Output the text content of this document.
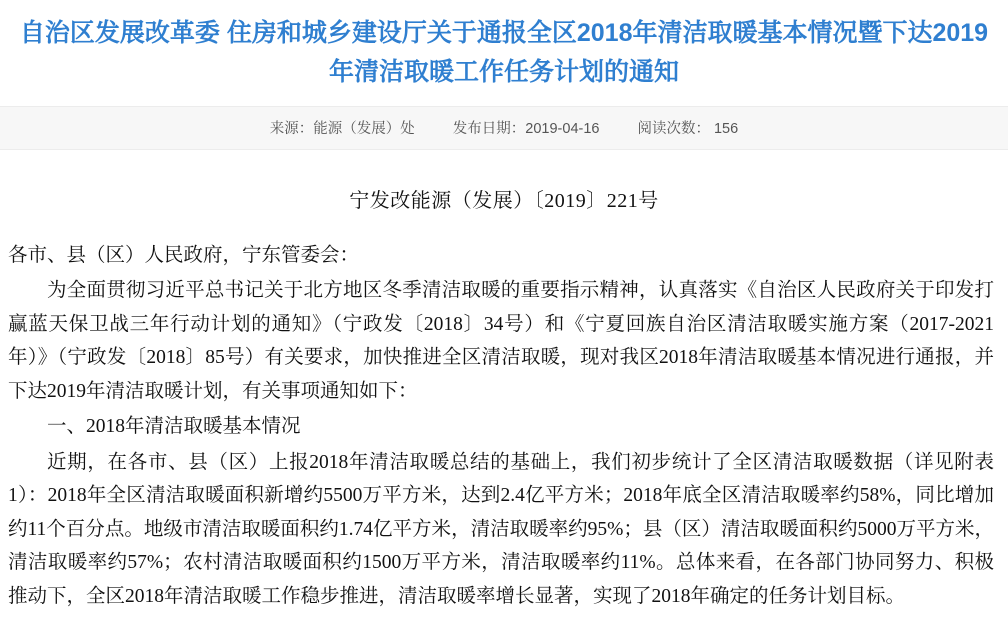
自治区发展改革委 住房和城乡建设厅关于通报全区2018年清洁取暖基本情况暨下达2019年清洁取暖工作任务计划的通知
来源：能源（发展）处	发布日期：2019-04-16	阅读次数： 156
宁发改能源（发展）〔2019〕221号

各市、县（区）人民政府，宁东管委会：

为全面贯彻习近平总书记关于北方地区冬季清洁取暖的重要指示精神，认真落实《自治区人民政府关于印发打赢蓝天保卫战三年行动计划的通知》（宁政发〔2018〕34号）和《宁夏回族自治区清洁取暖实施方案（2017-2021年）》（宁政发〔2018〕85号）有关要求，加快推进全区清洁取暖，现对我区2018年清洁取暖基本情况进行通报，并下达2019年清洁取暖计划，有关事项通知如下：

一、2018年清洁取暖基本情况

近期，在各市、县（区）上报2018年清洁取暖总结的基础上，我们初步统计了全区清洁取暖数据（详见附表1）：2018年全区清洁取暖面积新增约5500万平方米，达到2.4亿平方米；2018年底全区清洁取暖率约58%，同比增加约11个百分点。地级市清洁取暖面积约1.74亿平方米，清洁取暖率约95%；县（区）清洁取暖面积约5000万平方米，清洁取暖率约57%；农村清洁取暖面积约1500万平方米，清洁取暖率约11%。总体来看，在各部门协同努力、积极推动下，全区2018年清洁取暖工作稳步推进，清洁取暖率增长显著，实现了2018年确定的任务计划目标。
